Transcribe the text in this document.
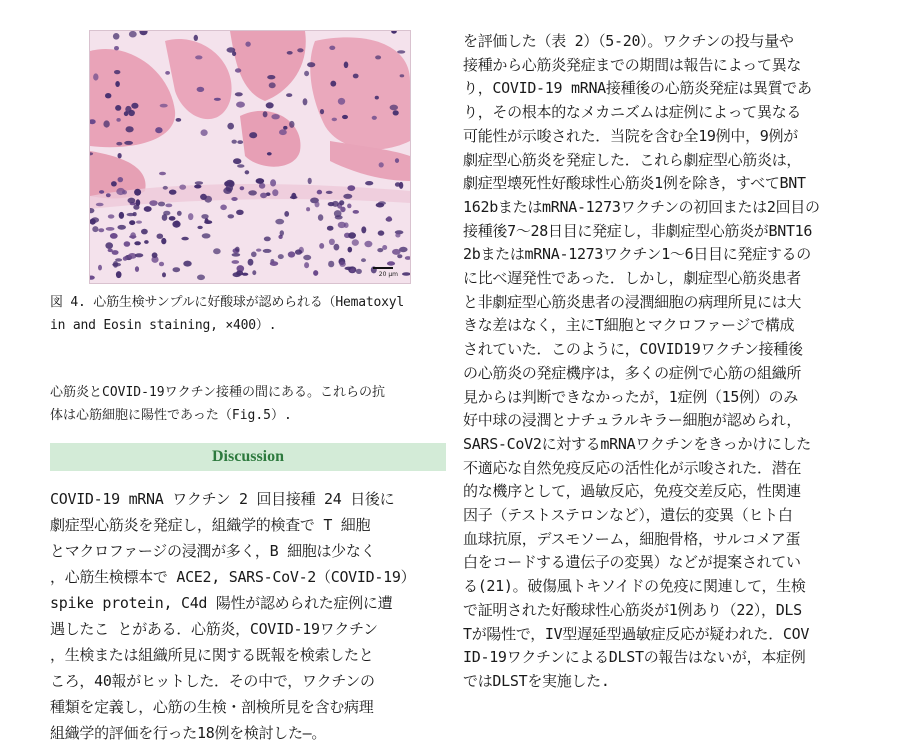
20 μm
図 4. 心筋生検サンプルに好酸球が認められる（Hematoxyl
in and Eosin staining, ×400）.
心筋炎とCOVID-19ワクチン接種の間にある。これらの抗
体は心筋細胞に陽性であった（Fig.5）.
Discussion
COVID-19 mRNA ワクチン 2 回目接種 24 日後に
劇症型心筋炎を発症し，組織学的検査で T 細胞
とマクロファージの浸潤が多く，B 細胞は少なく
，心筋生検標本で ACE2, SARS-CoV-2（COVID-19）
spike protein, C4d 陽性が認められた症例に遭
遇したこ とがある．心筋炎，COVID-19ワクチン
，生検または組織所見に関する既報を検索したと
ころ，40報がヒットした．その中で，ワクチンの
種類を定義し，心筋の生検・剖検所見を含む病理
組織学的評価を行った18例を検討した–。
を評価した（表 2）（5-20）。ワクチンの投与量や
接種から心筋炎発症までの期間は報告によって異な
り，COVID-19 mRNA接種後の心筋炎発症は異質であ
り，その根本的なメカニズムは症例によって異なる
可能性が示唆された．当院を含む全19例中，9例が
劇症型心筋炎を発症した．これら劇症型心筋炎は，
劇症型壊死性好酸球性心筋炎1例を除き，すべてBNT
162bまたはmRNA-1273ワクチンの初回または2回目の
接種後7～28日目に発症し，非劇症型心筋炎がBNT16
2bまたはmRNA-1273ワクチン1～6日目に発症するの
に比べ遅発性であった．しかし，劇症型心筋炎患者
と非劇症型心筋炎患者の浸潤細胞の病理所見には大
きな差はなく，主にT細胞とマクロファージで構成
されていた．このように，COVID19ワクチン接種後
の心筋炎の発症機序は，多くの症例で心筋の組織所
見からは判断できなかったが，1症例（15例）のみ
好中球の浸潤とナチュラルキラー細胞が認められ，
SARS-CoV2に対するmRNAワクチンをきっかけにした
不適応な自然免疫反応の活性化が示唆された．潜在
的な機序として，過敏反応，免疫交差反応，性関連
因子（テストステロンなど），遺伝的変異（ヒト白
血球抗原，デスモソーム，細胞骨格，サルコメア蛋
白をコードする遺伝子の変異）などが提案されてい
る(21)。破傷風トキソイドの免疫に関連して，生検
で証明された好酸球性心筋炎が1例あり（22），DLS
Tが陽性で，IV型遅延型過敏症反応が疑われた．COV
ID-19ワクチンによるDLSTの報告はないが，本症例
ではDLSTを実施した.
